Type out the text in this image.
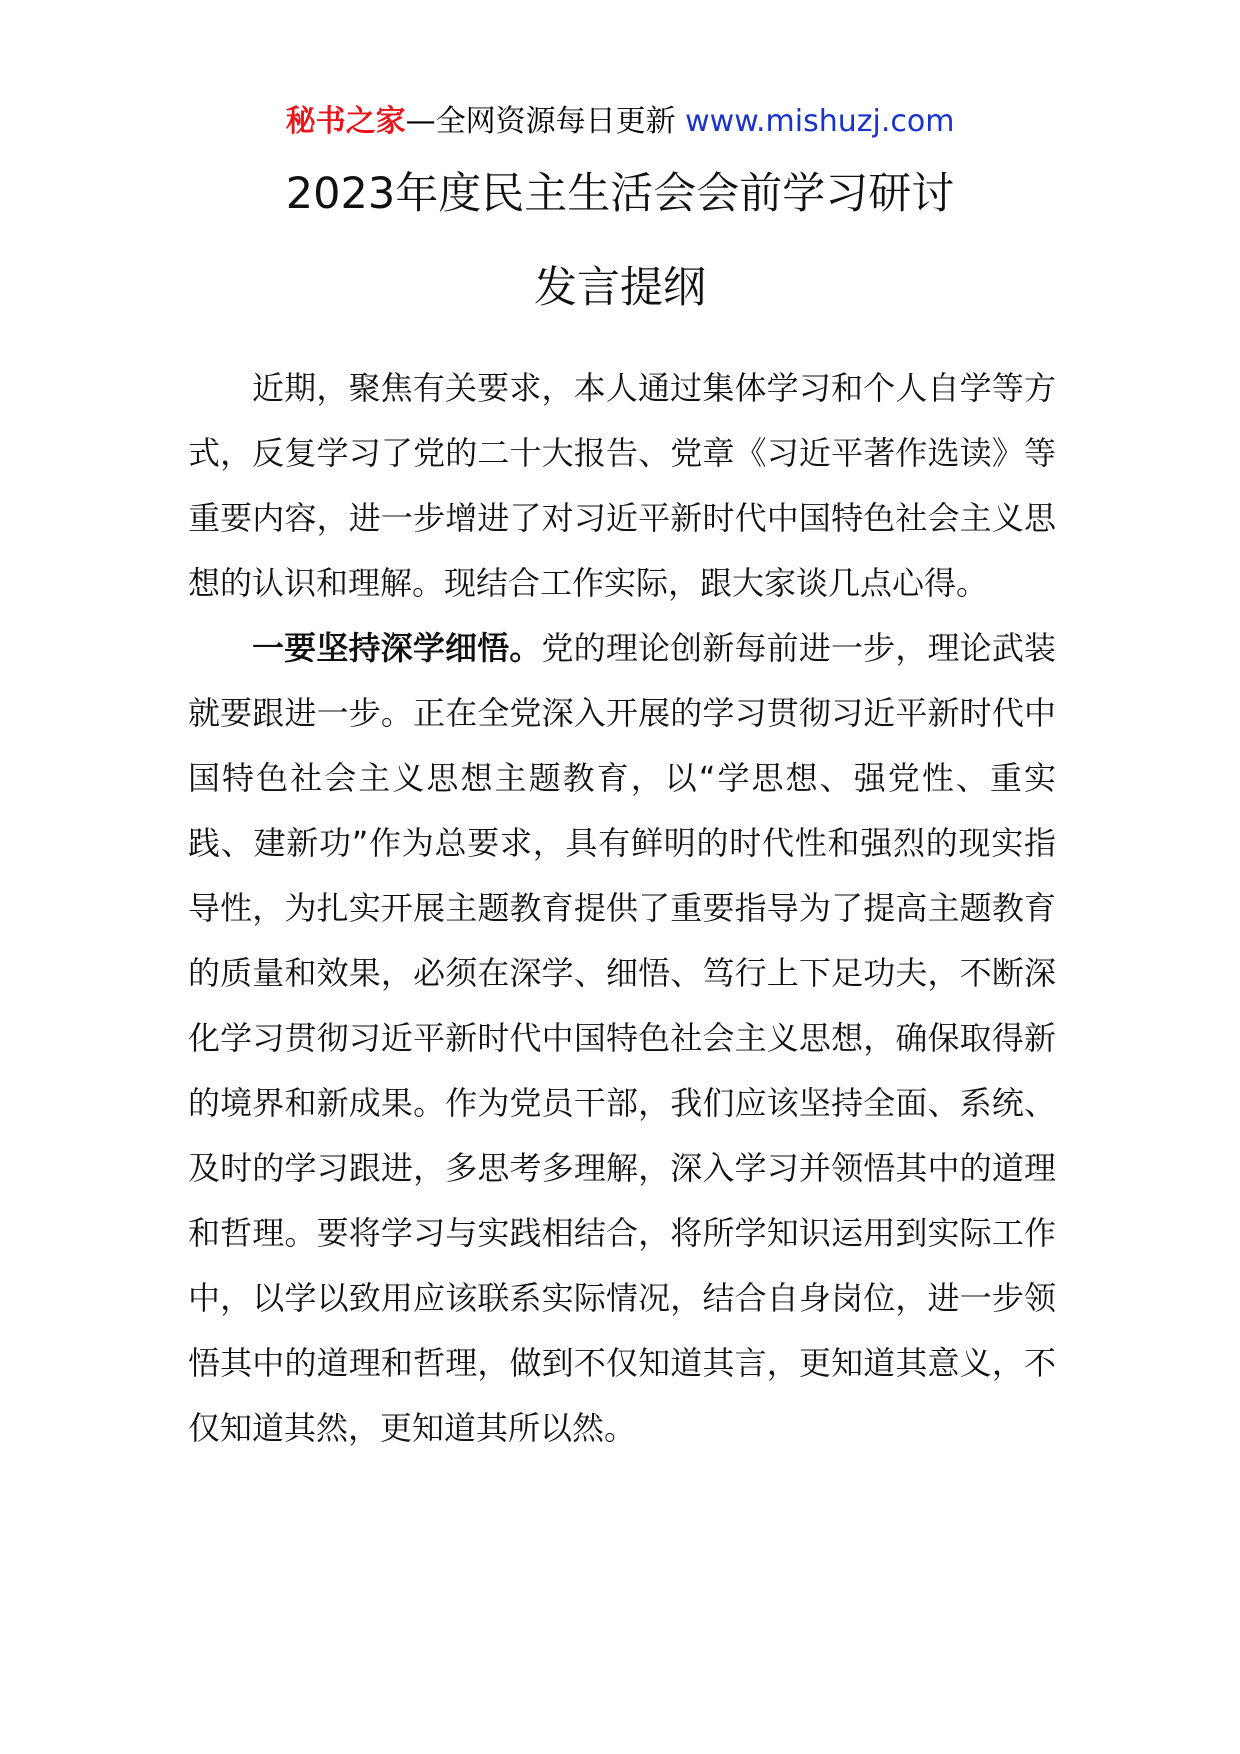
秘书之家—全网资源每日更新 www.mishuzj.com
2023年度民主生活会会前学习研讨
发言提纲

近期，聚焦有关要求，本人通过集体学习和个人自学等方式，反复学习了党的二十大报告、党章《习近平著作选读》等重要内容，进一步增进了对习近平新时代中国特色社会主义思想的认识和理解。现结合工作实际，跟大家谈几点心得。

一要坚持深学细悟。党的理论创新每前进一步，理论武装就要跟进一步。正在全党深入开展的学习贯彻习近平新时代中国特色社会主义思想主题教育，以“学思想、强党性、重实践、建新功”作为总要求，具有鲜明的时代性和强烈的现实指导性，为扎实开展主题教育提供了重要指导为了提高主题教育的质量和效果，必须在深学、细悟、笃行上下足功夫，不断深化学习贯彻习近平新时代中国特色社会主义思想，确保取得新的境界和新成果。作为党员干部，我们应该坚持全面、系统、及时的学习跟进，多思考多理解，深入学习并领悟其中的道理和哲理。要将学习与实践相结合，将所学知识运用到实际工作中，以学以致用应该联系实际情况，结合自身岗位，进一步领悟其中的道理和哲理，做到不仅知道其言，更知道其意义，不仅知道其然，更知道其所以然。
